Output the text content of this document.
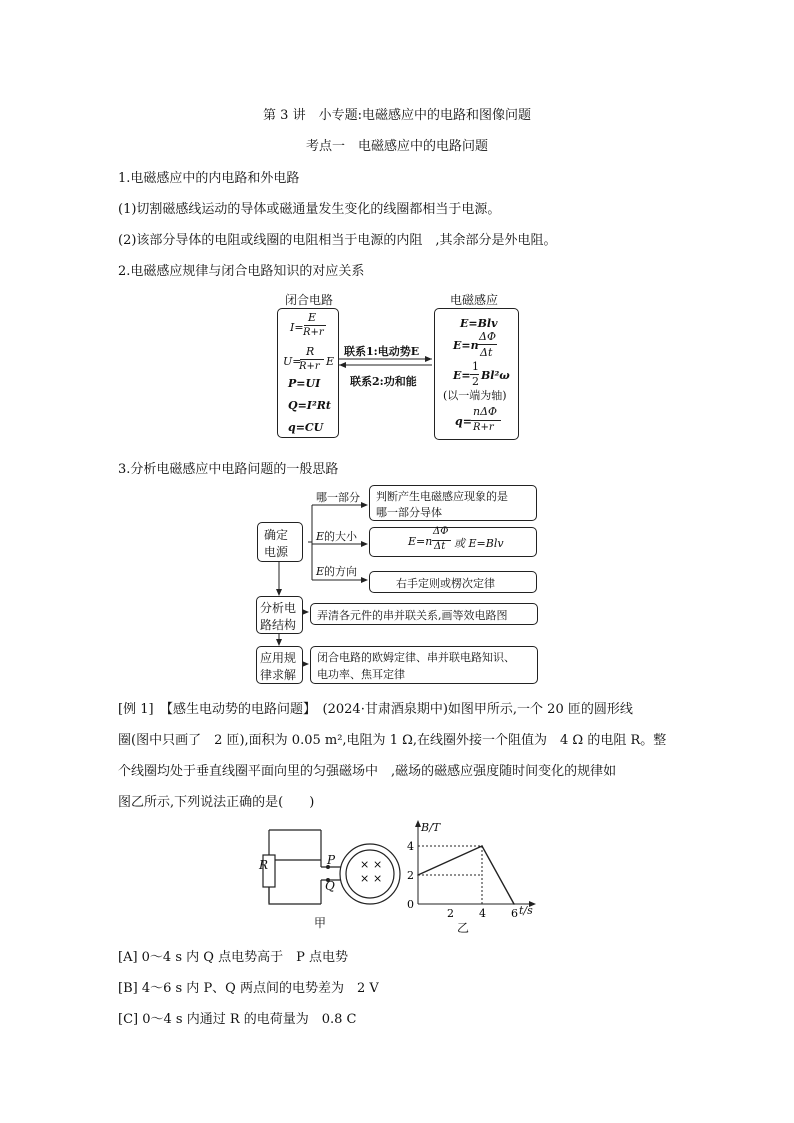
第 3 讲　小专题:电磁感应中的电路和图像问题
考点一　电磁感应中的电路问题
1.电磁感应中的内电路和外电路
(1)切割磁感线运动的导体或磁通量发生变化的线圈都相当于电源。
(2)该部分导体的电阻或线圈的电阻相当于电源的内阻　,其余部分是外电阻。
2.电磁感应规律与闭合电路知识的对应关系
闭合电路	电磁感应
I=
E
R+r
U=
R
R+r E
P=UI
Q=I²Rt
q=CU
E=Blv
E=n
ΔΦ
Δt
E=
1
2 Bl²ω
(以一端为轴)
q=
nΔΦ
R+r
联系1:电动势E
联系2:功和能
3.分析电磁感应中电路问题的一般思路
确定
电源
哪一部分 判断产生电磁感应现象的是
哪一部分导体
E的大小	E=n
ΔΦ
Δt 或 E=Blv
E的方向
右手定则或楞次定律
分析电
路结构
弄清各元件的串并联关系,画等效电路图
应用规
律求解
闭合电路的欧姆定律、串并联电路知识、
电功率、焦耳定律
[例 1]　【感生电动势的电路问题】　(2024·甘肃酒泉期中)如图甲所示,一个 20 匝的圆形线
圈(图中只画了　2 匝),面积为 0.05 m²,电阻为 1 Ω,在线圈外接一个阻值为　4 Ω 的电阻 R。整
个线圈均处于垂直线圈平面向里的匀强磁场中　,磁场的磁感应强度随时间变化的规律如
图乙所示,下列说法正确的是(　　)
× ×
× ×
R	P
Q
甲
4
2
0
2 4 6
B/T
t/s
乙
[A] 0～4 s 内 Q 点电势高于　P 点电势
[B] 4～6 s 内 P、Q 两点间的电势差为　2 V
[C] 0～4 s 内通过 R 的电荷量为　0.8 C
